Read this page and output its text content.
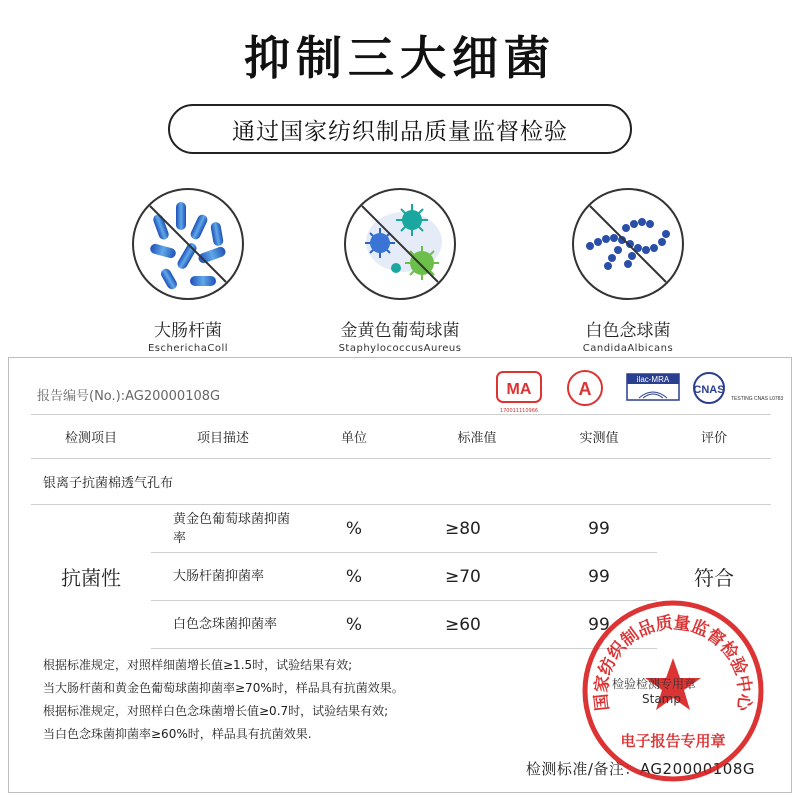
抑制三大细菌
通过国家纺织制品质量监督检验
大肠杆菌
EscherichaColl
金黄色葡萄球菌
StaphylococcusAureus
白色念球菌
CandidaAlbicans
报告编号(No.):AG20000108G	MA
170011110966
A	ilac-MRA
CNAS
TESTING CNAS L0783
检测项目	项目描述	单位	标准值	实测值	评价
银离子抗菌棉透气孔布					
抗菌性	黄金色葡萄球菌抑菌率	%	≥80	99	符合
	大肠杆菌抑菌率	%	≥70	99	
	白色念珠菌抑菌率	%	≥60	99	
根据标准规定，对照样细菌增长值≥1.5时，试验结果有效;
当大肠杆菌和黄金色葡萄球菌抑菌率≥70%时，样品具有抗菌效果。
根据标准规定，对照样白色念珠菌增长值≥0.7时，试验结果有效;
当白色念珠菌抑菌率≥60%时，样品具有抗菌效果.
检测标准/备注：AG20000108G
国家纺织制品质量监督检验中心
电子报告专用章
检验检测专用章
Stamp
